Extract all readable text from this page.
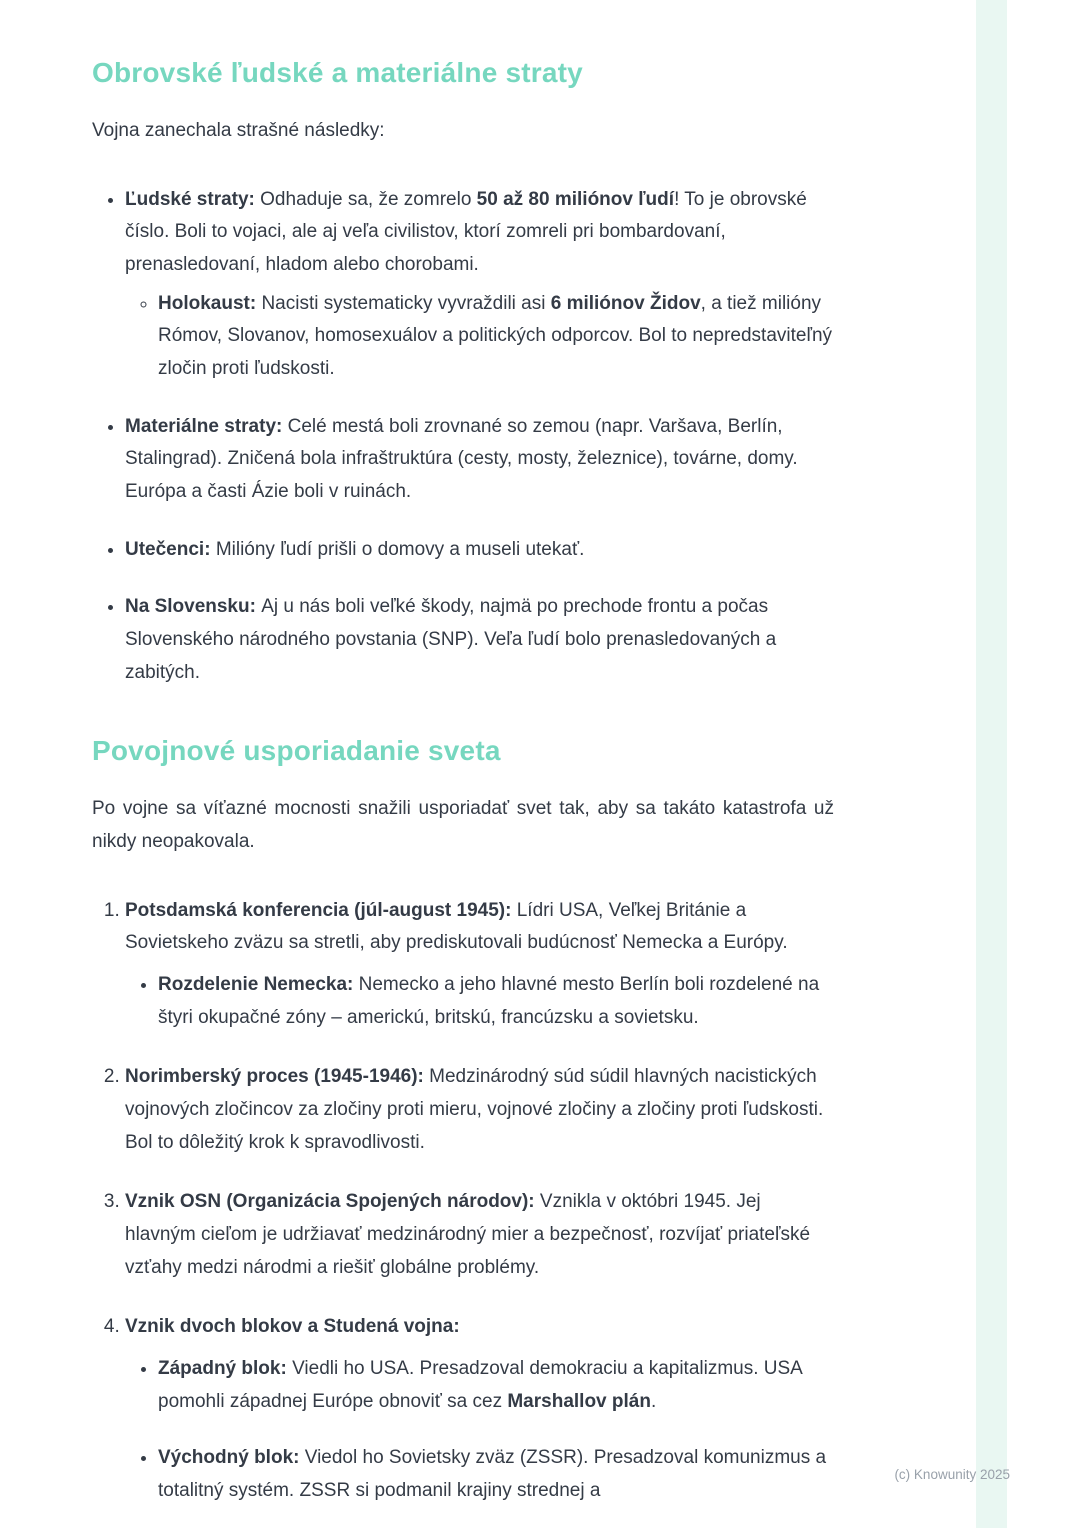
Obrovské ľudské a materiálne straty

Vojna zanechala strašné následky:

• Ľudské straty: Odhaduje sa, že zomrelo 50 až 80 miliónov ľudí! To je obrovské číslo. Boli to vojaci, ale aj veľa civilistov, ktorí zomreli pri bombardovaní, prenasledovaní, hladom alebo chorobami.
◦ Holokaust: Nacisti systematicky vyvraždili asi 6 miliónov Židov, a tiež milióny Rómov, Slovanov, homosexuálov a politických odporcov. Bol to nepredstaviteľný zločin proti ľudskosti.
• Materiálne straty: Celé mestá boli zrovnané so zemou (napr. Varšava, Berlín, Stalingrad). Zničená bola infraštruktúra (cesty, mosty, železnice), továrne, domy. Európa a časti Ázie boli v ruinách.
• Utečenci: Milióny ľudí prišli o domovy a museli utekať.
• Na Slovensku: Aj u nás boli veľké škody, najmä po prechode frontu a počas Slovenského národného povstania (SNP). Veľa ľudí bolo prenasledovaných a zabitých.
Povojnové usporiadanie sveta

Po vojne sa víťazné mocnosti snažili usporiadať svet tak, aby sa takáto katastrofa už nikdy neopakovala.

1. Potsdamská konferencia (júl-august 1945): Lídri USA, Veľkej Británie a Sovietskeho zväzu sa stretli, aby prediskutovali budúcnosť Nemecka a Európy.
• Rozdelenie Nemecka: Nemecko a jeho hlavné mesto Berlín boli rozdelené na štyri okupačné zóny – americkú, britskú, francúzsku a sovietsku.
2. Norimberský proces (1945-1946): Medzinárodný súd súdil hlavných nacistických vojnových zločincov za zločiny proti mieru, vojnové zločiny a zločiny proti ľudskosti. Bol to dôležitý krok k spravodlivosti.
3. Vznik OSN (Organizácia Spojených národov): Vznikla v októbri 1945. Jej hlavným cieľom je udržiavať medzinárodný mier a bezpečnosť, rozvíjať priateľské vzťahy medzi národmi a riešiť globálne problémy.
4. Vznik dvoch blokov a Studená vojna:
• Západný blok: Viedli ho USA. Presadzoval demokraciu a kapitalizmus. USA pomohli západnej Európe obnoviť sa cez Marshallov plán.
• Východný blok: Viedol ho Sovietsky zväz (ZSSR). Presadzoval komunizmus a totalitný systém. ZSSR si podmanil krajiny strednej a
(c) Knowunity 2025
